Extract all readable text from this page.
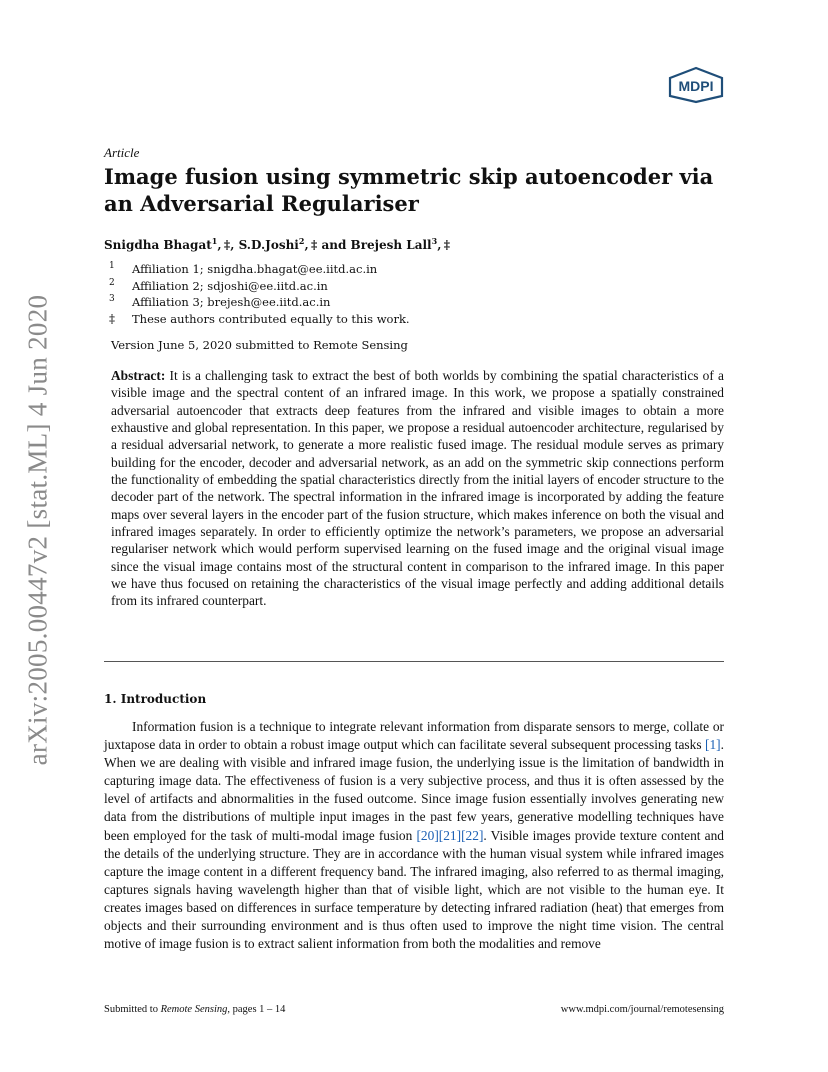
arXiv:2005.00447v2 [stat.ML] 4 Jun 2020
MDPI
Article
Image fusion using symmetric skip autoencoder via an Adversarial Regulariser
Snigdha Bhagat$^1$, ‡, S.D.Joshi$^2$, ‡ and Brejesh Lall$^3$, ‡
1	Affiliation 1; snigdha.bhagat@ee.iitd.ac.in
2	Affiliation 2; sdjoshi@ee.iitd.ac.in
3	Affiliation 3; brejesh@ee.iitd.ac.in
‡	These authors contributed equally to this work.
Version June 5, 2020 submitted to Remote Sensing

Abstract: It is a challenging task to extract the best of both worlds by combining the spatial characteristics of a visible image and the spectral content of an infrared image. In this work, we propose a spatially constrained adversarial autoencoder that extracts deep features from the infrared and visible images to obtain a more exhaustive and global representation. In this paper, we propose a residual autoencoder architecture, regularised by a residual adversarial network, to generate a more realistic fused image. The residual module serves as primary building for the encoder, decoder and adversarial network, as an add on the symmetric skip connections perform the functionality of embedding the spatial characteristics directly from the initial layers of encoder structure to the decoder part of the network. The spectral information in the infrared image is incorporated by adding the feature maps over several layers in the encoder part of the fusion structure, which makes inference on both the visual and infrared images separately. In order to efficiently optimize the network’s parameters, we propose an adversarial regulariser network which would perform supervised learning on the fused image and the original visual image since the visual image contains most of the structural content in comparison to the infrared image. In this paper we have thus focused on retaining the characteristics of the visual image perfectly and adding additional details from its infrared counterpart.

1. Introduction

Information fusion is a technique to integrate relevant information from disparate sensors to merge, collate or juxtapose data in order to obtain a robust image output which can facilitate several subsequent processing tasks [1]. When we are dealing with visible and infrared image fusion, the underlying issue is the limitation of bandwidth in capturing image data. The effectiveness of fusion is a very subjective process, and thus it is often assessed by the level of artifacts and abnormalities in the fused outcome. Since image fusion essentially involves generating new data from the distributions of multiple input images in the past few years, generative modelling techniques have been employed for the task of multi-modal image fusion [20][21][22]. Visible images provide texture content and the details of the underlying structure. They are in accordance with the human visual system while infrared images capture the image content in a different frequency band. The infrared imaging, also referred to as thermal imaging, captures signals having wavelength higher than that of visible light, which are not visible to the human eye. It creates images based on differences in surface temperature by detecting infrared radiation (heat) that emerges from objects and their surrounding environment and is thus often used to improve the night time vision. The central motive of image fusion is to extract salient information from both the modalities and remove

Submitted to Remote Sensing, pages 1 – 14	www.mdpi.com/journal/remotesensing
